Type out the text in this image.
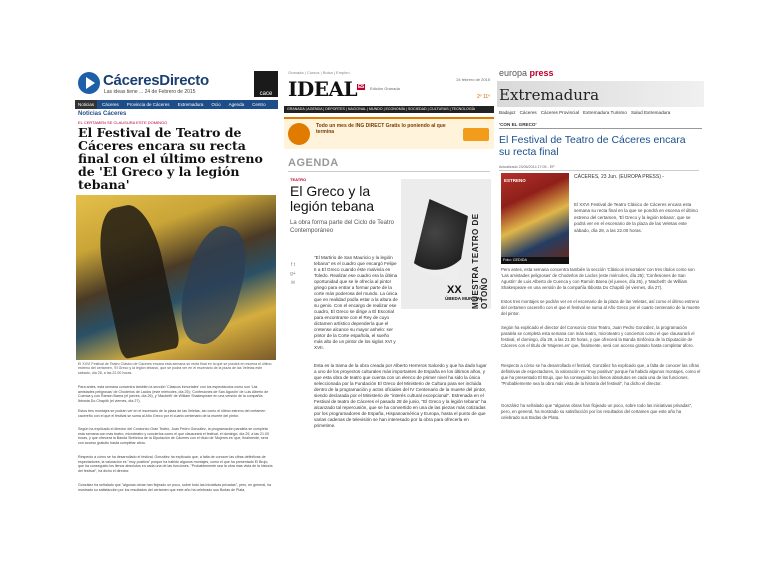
CáceresDirecto
Las ideas tiene ... 24 de Febrero de 2015	cace
Noticias	Cáceres	Provincia de Cáceres	Extremadura	Ocio	Agenda	Centro
Noticias Cáceres
EL CERTAMEN SE CLAUSURA ESTE DOMINGO
El Festival de Teatro de Cáceres encara su recta final con el último estreno de 'El Greco y la legión tebana'
El XXVI Festival de Teatro Clásico de Cáceres encara esta semana su recta final en la que se pondrá en escena el último estreno del certamen, 'El Greco y la legión tebana', que se podrá ver en el escenario de la plaza de las Veletas este sábado, día 28, a las 22.00 horas.
Para antes, esta semana concentra también la sección 'Clásicos inmortales' con los espectáculos como son 'Las amistades peligrosas' de Choderlos de Laclos (este miércoles, día 25); 'Confesiones de San Agustín' de Luis Alberto de Cuenca y con Ramón Barea (el jueves, día 26), y 'Macbeth' de William Shakespeare en una versión de la compañía Ibbosta Do Chapitô (el viernes, día 27).
Estos tres montajes se podrán ver en el escenario de la plaza de las Veletas, así como el último estreno del certamen cacereño con el que el festival se suma al Año Greco por el cuarto centenario de la muerte del pintor.
Según ha explicado el director del Consorcio Gran Teatro, Juan Pedro González, la programación paralela se completa esta semana con más teatro, microteatro y conciertos como el que clausurará el festival, el domingo, día 29, a las 21.00 horas, y que ofrecerá la Banda Sinfónica de la Diputación de Cáceres con el título de 'Mujeres.es' que, finalmente, será con acceso gratuito hasta completar aforo.
Respecto a cómo se ha desarrollado el festival, González ha explicado que, a falta de conocer las cifras definitivas de espectadores, la valoración es "muy positiva" porque ha habido algunos montajes, como el que ha presentado El Brujo, que ha conseguido los llenos absolutos en cada una de las funciones. "Probablemente sea la obra más vista de la historia del festival", ha dicho el director.
González ha señalado que "algunas obras han flojeado un poco, sobre todo las iniciativas privadas", pero, en general, ha mostrado su satisfacción por los resultados del certamen que este año ha celebrado sus Bodas de Plata.
Granada | Cursos | Bolsa | Empleo
$IDEAL^{ES}$ Edición Granada
24 febrero de 2015
2º 11º
GRANADA | AGENDA | DEPORTES | NACIONAL | MUNDO | ECONOMÍA | SOCIEDAD | CULTURAS | TECNOLOGÍA
Todo un mes de ING DIRECT Gratis lo poniendo al que termina
AGENDA
TEATRO
El Greco y la legión tebana
La obra forma parte del Ciclo de Teatro Contemporáneo	MUESTRA TEATRO DE OTOÑO
XX
ÚBEDA MUNDIAL
f t g+ ✉
"El Martirio de San Mauricio y la legión tebana" es el cuadro que encargó Felipe II a El Greco cuando éste malvivía en Toledo. Realizar ese cuadro era la última oportunidad que se le ofrecía al pintor griego para entrar a formar parte de la corte más poderosa del mundo. La única que en realidad podía estar a la altura de su genio. Con el encargo de realizar ese cuadro, El Greco se dirige a El Escorial para encontrarse con el Rey de cuyo dictamen artístico dependería que el cretense alcance su mayor anhelo: ser pintor de la Corte española, el sueño más alto de un pintor de los siglos XVI y XVII.
Esta es la trama de la obra creada por Alberto Herreros Salcedo y que ha dado lugar a uno de los proyectos culturales más importantes de España en los últimos años, y que esta obra de teatro que cuenta con un elenco de primer nivel ha sido la única seleccionada por la Fundación El Greco del Ministerio de Cultura para ser incluida dentro de la programación y actos oficiales del IV Centenario de la muerte del pintor, siendo declarada por el Ministerio de "interés cultural excepcional". Estrenada en el Festival de teatro de Cáceres el pasado 28 de junio, "El Greco y la legión tebana" ha alcanzado tal repercusión, que se ha convertido en una de las piezas más cotizadas por los programadores de España, Hispanoamérica y Europa, hasta el punto de que varias cadenas de televisión se han interesado por la obra para ofrecerla en primetime.
europa press
Extremadura
Badajoz Cáceres Cáceres Provincial Extremadura Turismo Salud Extremadura
'CON EL GRECO'
El Festival de Teatro de Cáceres encara su recta final
Actualizado 23/06/2014 17:05 - EP
ESTRENO
Foto: CEDIDA
CÁCERES, 23 Jun. (EUROPA PRESS) -
El XXVI Festival de Teatro Clásico de Cáceres encara esta semana su recta final en la que se pondrá en escena el último estreno del certamen, 'El Greco y la legión tebana', que se podrá ver en el escenario de la plaza de las Veletas este sábado, día 28, a las 22.00 horas.
Pero antes, esta semana concentra también la sección 'Clásicos inmortales' con tres títulos como son 'Las amistades peligrosas' de Choderlos de Laclos (este miércoles, día 25); 'Confesiones de San Agustín' de Luis Alberto de Cuenca y con Ramón Barea (el jueves, día 26), y 'Macbeth' de William Shakespeare en una versión de la compañía Ibbosta Do Chapitô (el viernes, día 27).
Estos tres montajes se podrán ver en el escenario de la plaza de las Veletas, así como el último estreno del certamen cacereño con el que el festival se suma al Año Greco por el cuarto centenario de la muerte del pintor.
Según ha explicado el director del Consorcio Gran Teatro, Juan Pedro González, la programación paralela se completa esta semana con más teatro, microteatro y conciertos como el que clausurará el festival, el domingo, día 29, a las 21.00 horas, y que ofrecerá la Banda Sinfónica de la Diputación de Cáceres con el título de 'Mujeres.es' que, finalmente, será con acceso gratuito hasta completar aforo.
Respecto a cómo se ha desarrollado el festival, González ha explicado que, a falta de conocer las cifras definitivas de espectadores, la valoración es "muy positiva" porque ha habido algunos montajes, como el que ha presentado El Brujo, que ha conseguido los llenos absolutos en cada una de las funciones. "Probablemente sea la obra más vista de la historia del festival", ha dicho el director.
González ha señalado que "algunas obras han flojeado un poco, sobre todo las iniciativas privadas", pero, en general, ha mostrado su satisfacción por los resultados del certamen que este año ha celebrado sus Bodas de Plata.
